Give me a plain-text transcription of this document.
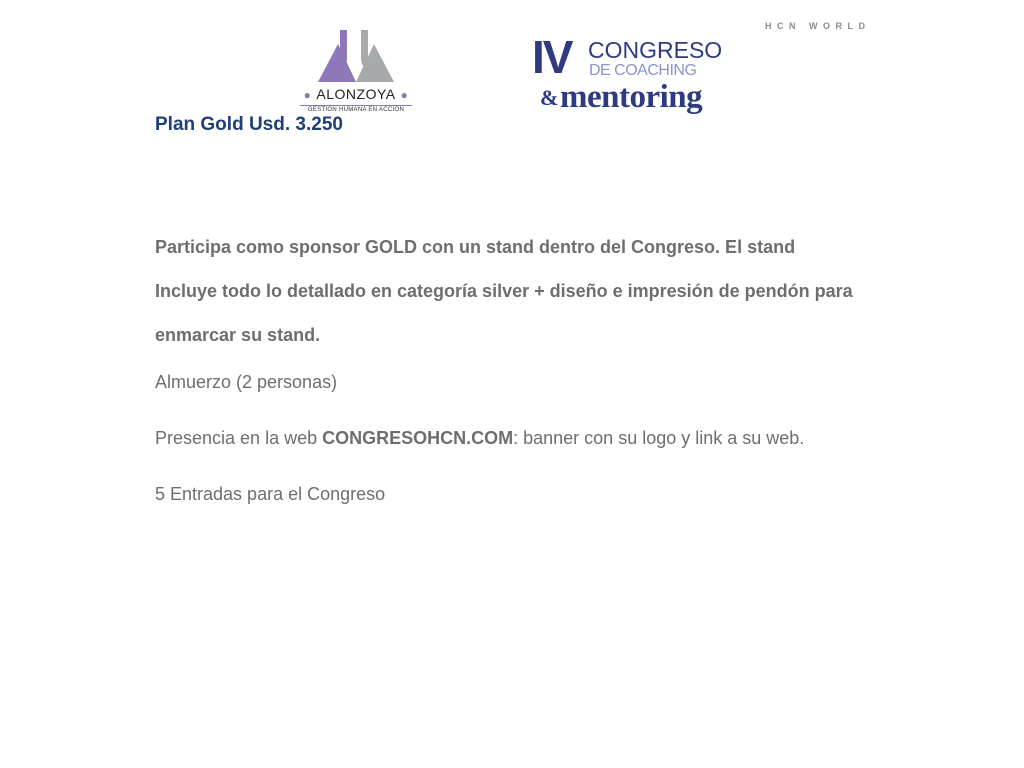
HCN WORLD
● ALONZOYA ●
GESTIÓN HUMANA EN ACCIÓN
IV CONGRESO
DE COACHING
& mentoring
Plan Gold Usd. 3.250

Participa como sponsor GOLD con un stand dentro del Congreso. El stand Incluye todo lo detallado en categoría silver + diseño e impresión de pendón para enmarcar su stand.

Almuerzo (2 personas)

Presencia en la web CONGRESOHCN.COM: banner con su logo y link a su web.

5 Entradas para el Congreso
